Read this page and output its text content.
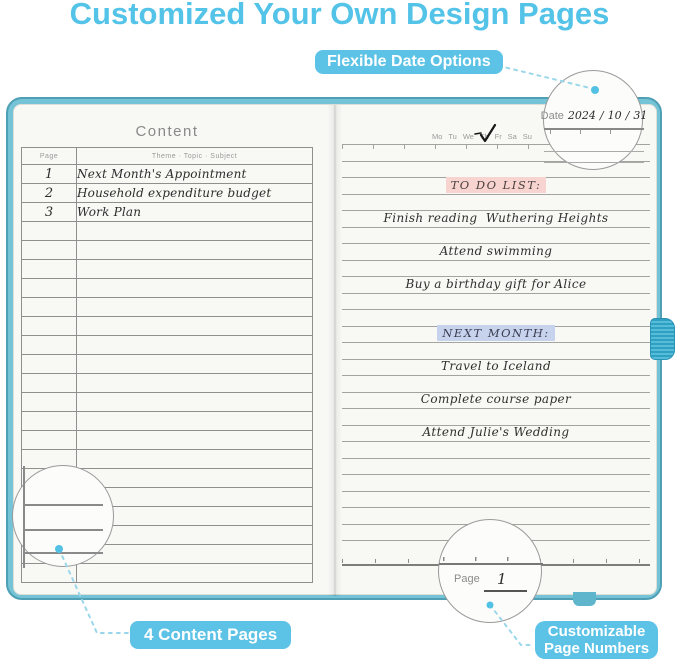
Customized Your Own Design Pages
Content
Page	Theme · Topic · Subject
1	Next Month's Appointment
2	Household expenditure budget
3	Work Plan

Mo Tu We Th Fr Sa Su
TO DO LIST:
Finish reading  Wuthering Heights
Attend swimming
Buy a birthday gift for Alice
NEXT MONTH:
Travel to Iceland
Complete course paper
Attend Julie's Wedding
Date 2024 / 10 / 31
Page 1
Flexible Date Options
4 Content Pages	Customizable
Page Numbers
